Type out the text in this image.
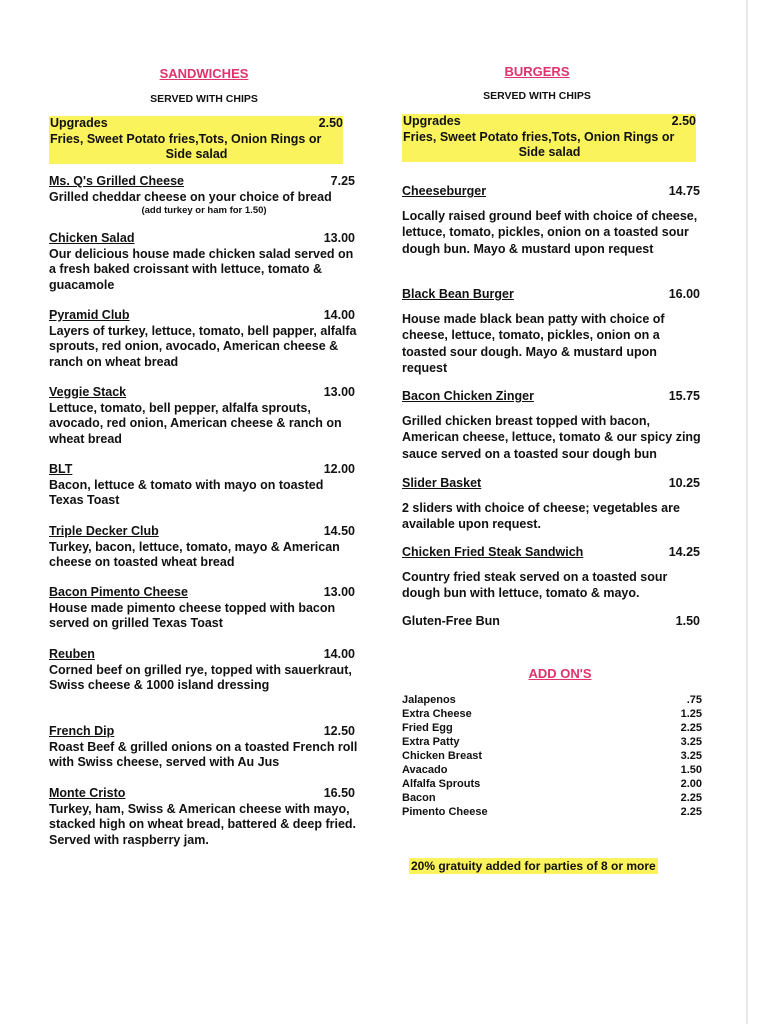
SANDWICHES
SERVED WITH CHIPS
Upgrades	2.50
Fries, Sweet Potato fries,Tots, Onion Rings or
Side salad
Ms. Q's Grilled Cheese	7.25
Grilled cheddar cheese on your choice of bread
(add turkey or ham for 1.50)
Chicken Salad	13.00
Our delicious house made chicken salad served on a fresh baked croissant with lettuce, tomato & guacamole
Pyramid Club	14.00
Layers of turkey, lettuce, tomato, bell papper, alfalfa sprouts, red onion, avocado, American cheese & ranch on wheat bread
Veggie Stack	13.00
Lettuce, tomato, bell pepper, alfalfa sprouts, avocado, red onion, American cheese & ranch on wheat bread
BLT	12.00
Bacon, lettuce & tomato with mayo on toasted Texas Toast
Triple Decker Club	14.50
Turkey, bacon, lettuce, tomato, mayo & American cheese on toasted wheat bread
Bacon Pimento Cheese	13.00
House made pimento cheese topped with bacon served on grilled Texas Toast
Reuben	14.00
Corned beef on grilled rye, topped with sauerkraut, Swiss cheese & 1000 island dressing
French Dip	12.50
Roast Beef & grilled onions on a toasted French roll with Swiss cheese, served with Au Jus
Monte Cristo	16.50
Turkey, ham, Swiss & American cheese with mayo, stacked high on wheat bread, battered & deep fried. Served with raspberry jam.
BURGERS
SERVED WITH CHIPS
Upgrades	2.50
Fries, Sweet Potato fries,Tots, Onion Rings or
Side salad
Cheeseburger	14.75
Locally raised ground beef with choice of cheese, lettuce, tomato, pickles, onion on a toasted sour dough bun. Mayo & mustard upon request
Black Bean Burger	16.00
House made black bean patty with choice of cheese, lettuce, tomato, pickles, onion on a toasted sour dough. Mayo & mustard upon request
Bacon Chicken Zinger	15.75
Grilled chicken breast topped with bacon, American cheese, lettuce, tomato & our spicy zing sauce served on a toasted sour dough bun
Slider Basket	10.25
2 sliders with choice of cheese; vegetables are available upon request.
Chicken Fried Steak Sandwich	14.25
Country fried steak served on a toasted sour dough bun with lettuce, tomato & mayo.
Gluten-Free Bun	1.50
ADD ON'S
Jalapenos	.75
Extra Cheese	1.25
Fried Egg	2.25
Extra Patty	3.25
Chicken Breast	3.25
Avacado	1.50
Alfalfa Sprouts	2.00
Bacon	2.25
Pimento Cheese	2.25
20% gratuity added for parties of 8 or more
